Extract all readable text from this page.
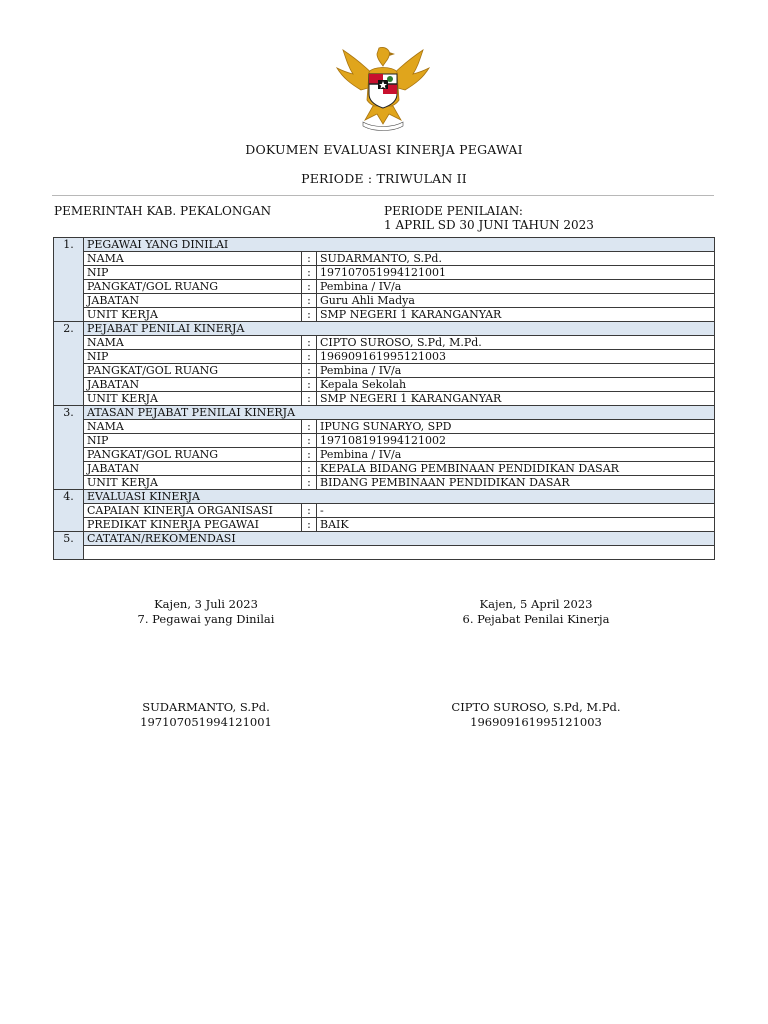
DOKUMEN EVALUASI KINERJA PEGAWAI
PERIODE : TRIWULAN II
PEMERINTAH KAB. PEKALONGAN	PERIODE PENILAIAN:
1 APRIL SD 30 JUNI TAHUN 2023
1.	PEGAWAI YANG DINILAI		
	NAMA	:	SUDARMANTO, S.Pd.
	NIP	:	197107051994121001
	PANGKAT/GOL RUANG	:	Pembina / IV/a
	JABATAN	:	Guru Ahli Madya
	UNIT KERJA	:	SMP NEGERI 1 KARANGANYAR
2.	PEJABAT PENILAI KINERJA		
	NAMA	:	CIPTO SUROSO, S.Pd, M.Pd.
	NIP	:	196909161995121003
	PANGKAT/GOL RUANG	:	Pembina / IV/a
	JABATAN	:	Kepala Sekolah
	UNIT KERJA	:	SMP NEGERI 1 KARANGANYAR
3.	ATASAN PEJABAT PENILAI KINERJA		
	NAMA	:	IPUNG SUNARYO, SPD
	NIP	:	197108191994121002
	PANGKAT/GOL RUANG	:	Pembina / IV/a
	JABATAN	:	KEPALA BIDANG PEMBINAAN PENDIDIKAN DASAR
	UNIT KERJA	:	BIDANG PEMBINAAN PENDIDIKAN DASAR
4.	EVALUASI KINERJA		
	CAPAIAN KINERJA ORGANISASI	:	-
	PREDIKAT KINERJA PEGAWAI	:	BAIK
5.	CATATAN/REKOMENDASI		

Kajen, 3 Juli 2023
7. Pegawai yang Dinilai
Kajen, 5 April 2023
6. Pejabat Penilai Kinerja
SUDARMANTO, S.Pd.
197107051994121001
CIPTO SUROSO, S.Pd, M.Pd.
196909161995121003
